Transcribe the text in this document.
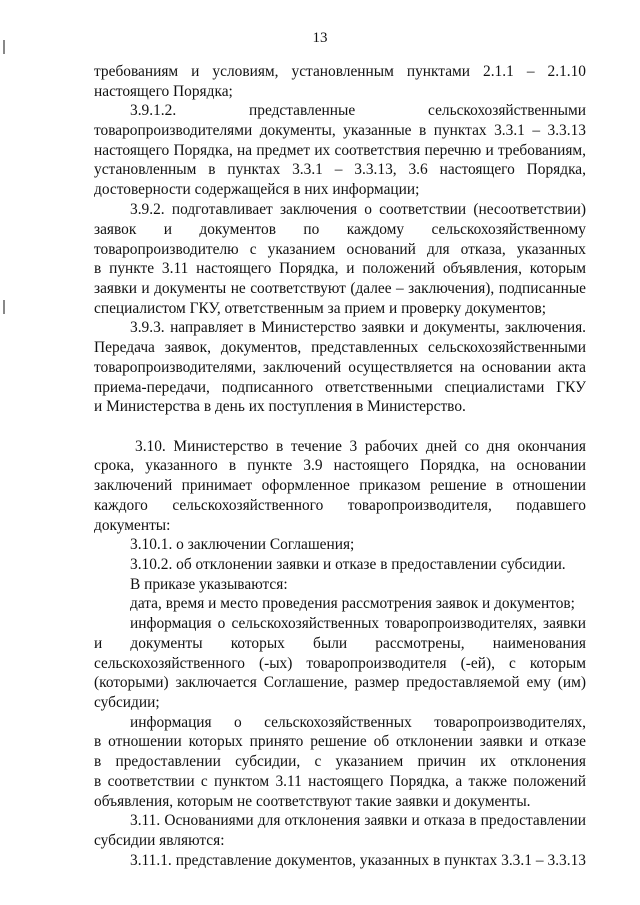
13
требованиям и условиям, установленным пунктами 2.1.1 – 2.1.10
настоящего Порядка;
3.9.1.2. представленные сельскохозяйственными
товаропроизводителями документы, указанные в пунктах 3.3.1 – 3.3.13
настоящего Порядка, на предмет их соответствия перечню и требованиям,
установленным в пунктах 3.3.1 – 3.3.13, 3.6 настоящего Порядка,
достоверности содержащейся в них информации;
3.9.2. подготавливает заключения о соответствии (несоответствии)
заявок и документов по каждому сельскохозяйственному
товаропроизводителю с указанием оснований для отказа, указанных
в пункте 3.11 настоящего Порядка, и положений объявления, которым
заявки и документы не соответствуют (далее – заключения), подписанные
специалистом ГКУ, ответственным за прием и проверку документов;
3.9.3. направляет в Министерство заявки и документы, заключения.
Передача заявок, документов, представленных сельскохозяйственными
товаропроизводителями, заключений осуществляется на основании акта
приема-передачи, подписанного ответственными специалистами ГКУ
и Министерства в день их поступления в Министерство.
3.10. Министерство в течение 3 рабочих дней со дня окончания
срока, указанного в пункте 3.9 настоящего Порядка, на основании
заключений принимает оформленное приказом решение в отношении
каждого сельскохозяйственного товаропроизводителя, подавшего
документы:
3.10.1. о заключении Соглашения;
3.10.2. об отклонении заявки и отказе в предоставлении субсидии.
В приказе указываются:
дата, время и место проведения рассмотрения заявок и документов;
информация о сельскохозяйственных товаропроизводителях, заявки
и документы которых были рассмотрены, наименования
сельскохозяйственного (-ых) товаропроизводителя (-ей), с которым
(которыми) заключается Соглашение, размер предоставляемой ему (им)
субсидии;
информация о сельскохозяйственных товаропроизводителях,
в отношении которых принято решение об отклонении заявки и отказе
в предоставлении субсидии, с указанием причин их отклонения
в соответствии с пунктом 3.11 настоящего Порядка, а также положений
объявления, которым не соответствуют такие заявки и документы.
3.11. Основаниями для отклонения заявки и отказа в предоставлении
субсидии являются:
3.11.1. представление документов, указанных в пунктах 3.3.1 – 3.3.13
